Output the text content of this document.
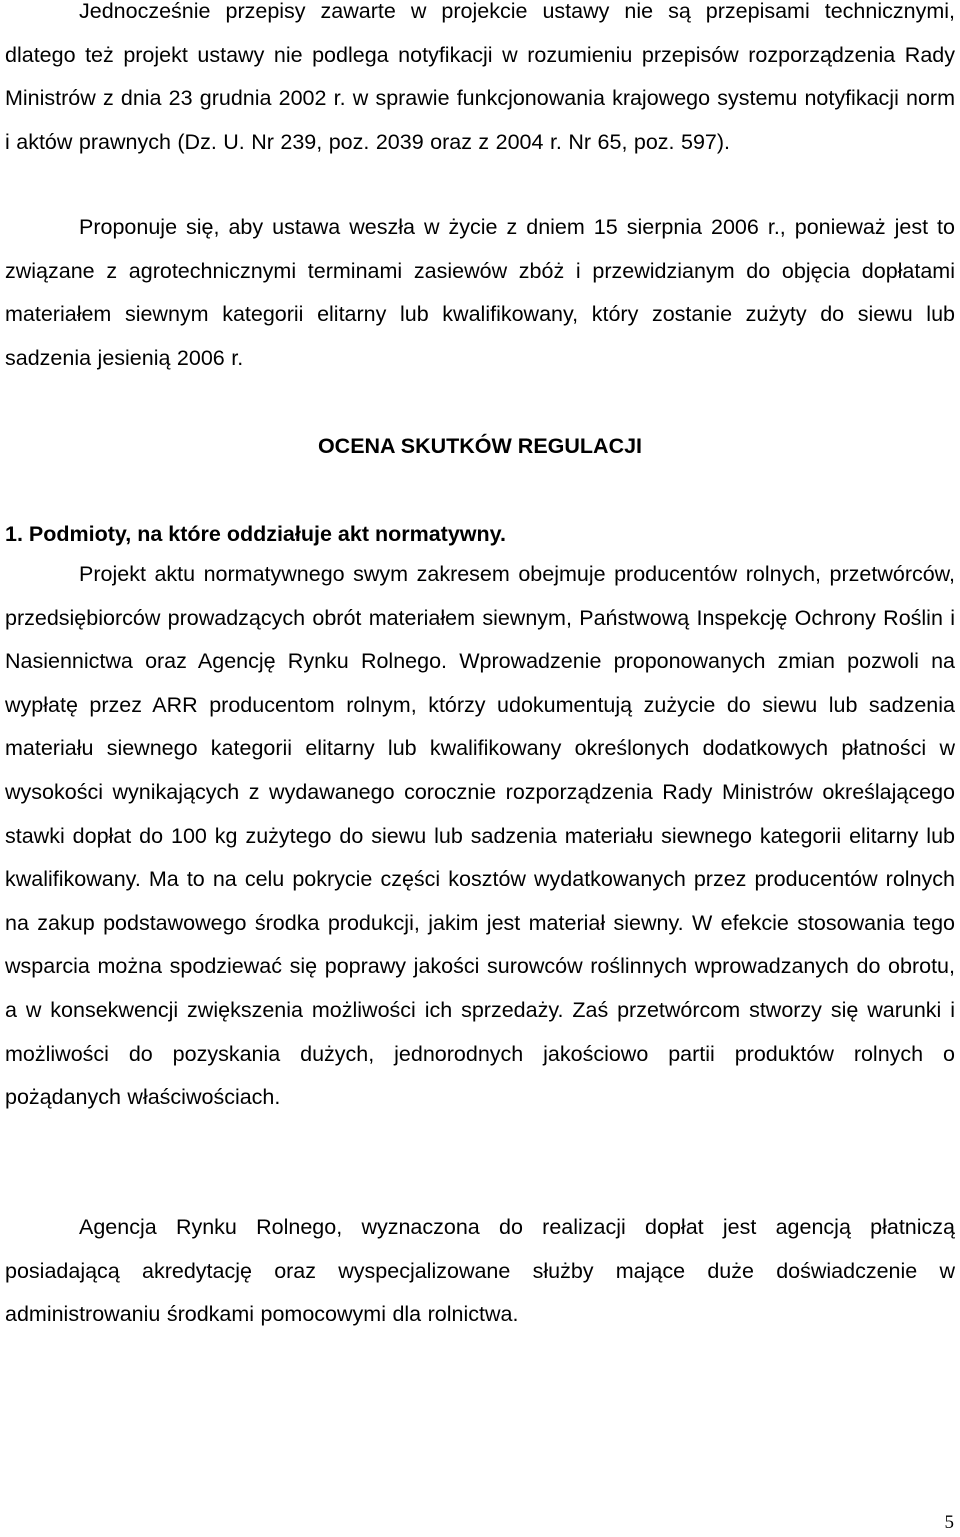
Jednocześnie przepisy zawarte w projekcie ustawy nie są przepisami technicznymi, dlatego też projekt ustawy nie podlega notyfikacji w rozumieniu przepisów rozporządzenia Rady Ministrów z dnia 23 grudnia 2002 r. w sprawie funkcjonowania krajowego systemu notyfikacji norm i aktów prawnych (Dz. U. Nr 239, poz. 2039 oraz z 2004 r. Nr 65, poz. 597).

Proponuje się, aby ustawa weszła w życie z dniem 15 sierpnia 2006 r., ponieważ jest to związane z agrotechnicznymi terminami zasiewów zbóż i przewidzianym do objęcia dopłatami materiałem siewnym kategorii elitarny lub kwalifikowany, który zostanie zużyty do siewu lub sadzenia jesienią 2006 r.

Projekt aktu normatywnego swym zakresem obejmuje producentów rolnych, przetwórców, przedsiębiorców prowadzących obrót materiałem siewnym, Państwową Inspekcję Ochrony Roślin i Nasiennictwa oraz Agencję Rynku Rolnego. Wprowadzenie proponowanych zmian pozwoli na wypłatę przez ARR producentom rolnym, którzy udokumentują zużycie do siewu lub sadzenia materiału siewnego kategorii elitarny lub kwalifikowany określonych dodatkowych płatności w wysokości wynikających z wydawanego corocznie rozporządzenia Rady Ministrów określającego stawki dopłat do 100 kg zużytego do siewu lub sadzenia materiału siewnego kategorii elitarny lub kwalifikowany. Ma to na celu pokrycie części kosztów wydatkowanych przez producentów rolnych na zakup podstawowego środka produkcji, jakim jest materiał siewny. W efekcie stosowania tego wsparcia można spodziewać się poprawy jakości surowców roślinnych wprowadzanych do obrotu, a w konsekwencji zwiększenia możliwości ich sprzedaży. Zaś przetwórcom stworzy się warunki i możliwości do pozyskania dużych, jednorodnych jakościowo partii produktów rolnych o pożądanych właściwościach.

Agencja Rynku Rolnego, wyznaczona do realizacji dopłat jest agencją płatniczą posiadającą akredytację oraz wyspecjalizowane służby mające duże doświadczenie w administrowaniu środkami pomocowymi dla rolnictwa.

OCENA SKUTKÓW REGULACJI
1. Podmioty, na które oddziałuje akt normatywny.
5
